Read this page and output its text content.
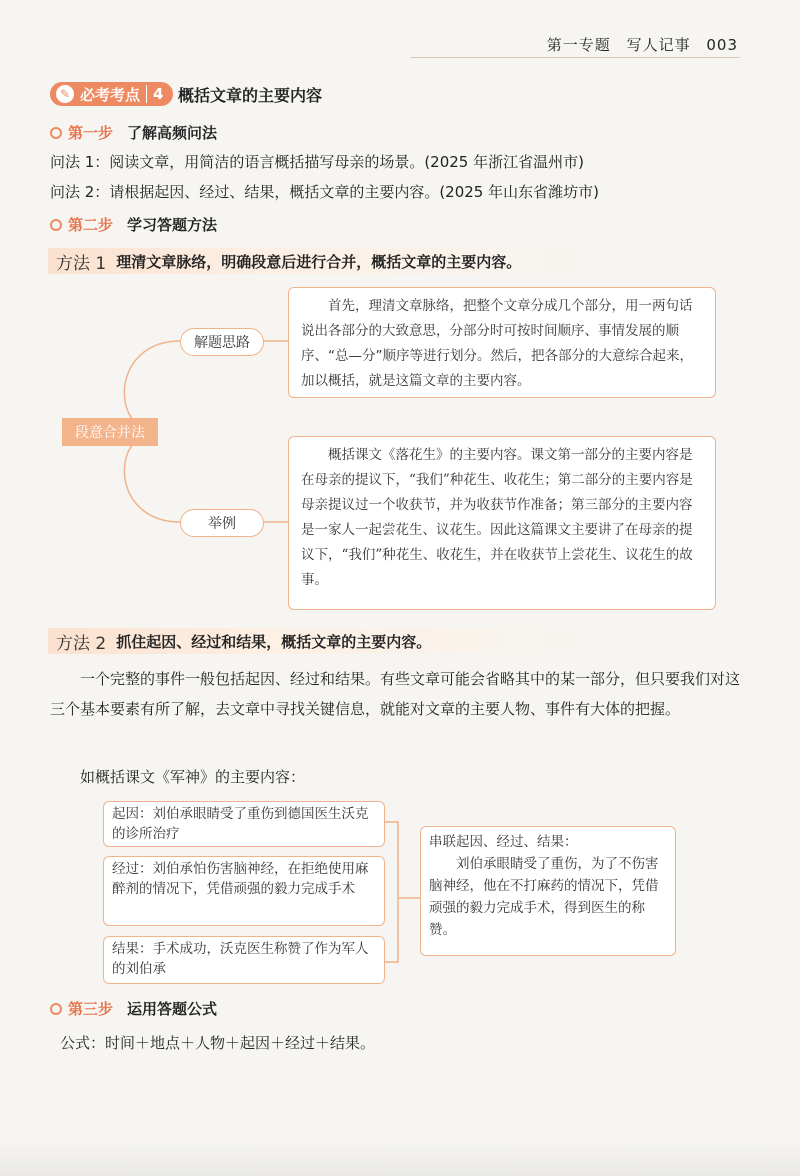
第一专题 写人记事 003
✎ 必考考点 4 概括文章的主要内容
第一步 了解高频问法
问法 1：阅读文章，用简洁的语言概括描写母亲的场景。(2025 年浙江省温州市)
问法 2：请根据起因、经过、结果，概括文章的主要内容。(2025 年山东省潍坊市)
第二步 学习答题方法
方法 1 理清文章脉络，明确段意后进行合并，概括文章的主要内容。
段意合并法
解题思路
举例
　　首先，理清文章脉络，把整个文章分成几个部分，用一两句话说出各部分的大致意思，分部分时可按时间顺序、事情发展的顺序、“总—分”顺序等进行划分。然后，把各部分的大意综合起来，加以概括，就是这篇文章的主要内容。
　　概括课文《落花生》的主要内容。课文第一部分的主要内容是在母亲的提议下，“我们”种花生、收花生；第二部分的主要内容是母亲提议过一个收获节，并为收获节作准备；第三部分的主要内容是一家人一起尝花生、议花生。因此这篇课文主要讲了在母亲的提议下，“我们”种花生、收花生，并在收获节上尝花生、议花生的故事。
方法 2 抓住起因、经过和结果，概括文章的主要内容。
　　一个完整的事件一般包括起因、经过和结果。有些文章可能会省略其中的某一部分，但只要我们对这三个基本要素有所了解，去文章中寻找关键信息，就能对文章的主要人物、事件有大体的把握。
　　如概括课文《军神》的主要内容：
起因：刘伯承眼睛受了重伤到德国医生沃克的诊所治疗
经过：刘伯承怕伤害脑神经，在拒绝使用麻醉剂的情况下，凭借顽强的毅力完成手术
结果：手术成功，沃克医生称赞了作为军人的刘伯承
串联起因、经过、结果：
　　刘伯承眼睛受了重伤，为了不伤害脑神经，他在不打麻药的情况下，凭借顽强的毅力完成手术，得到医生的称赞。
第三步 运用答题公式
公式：时间＋地点＋人物＋起因＋经过＋结果。
